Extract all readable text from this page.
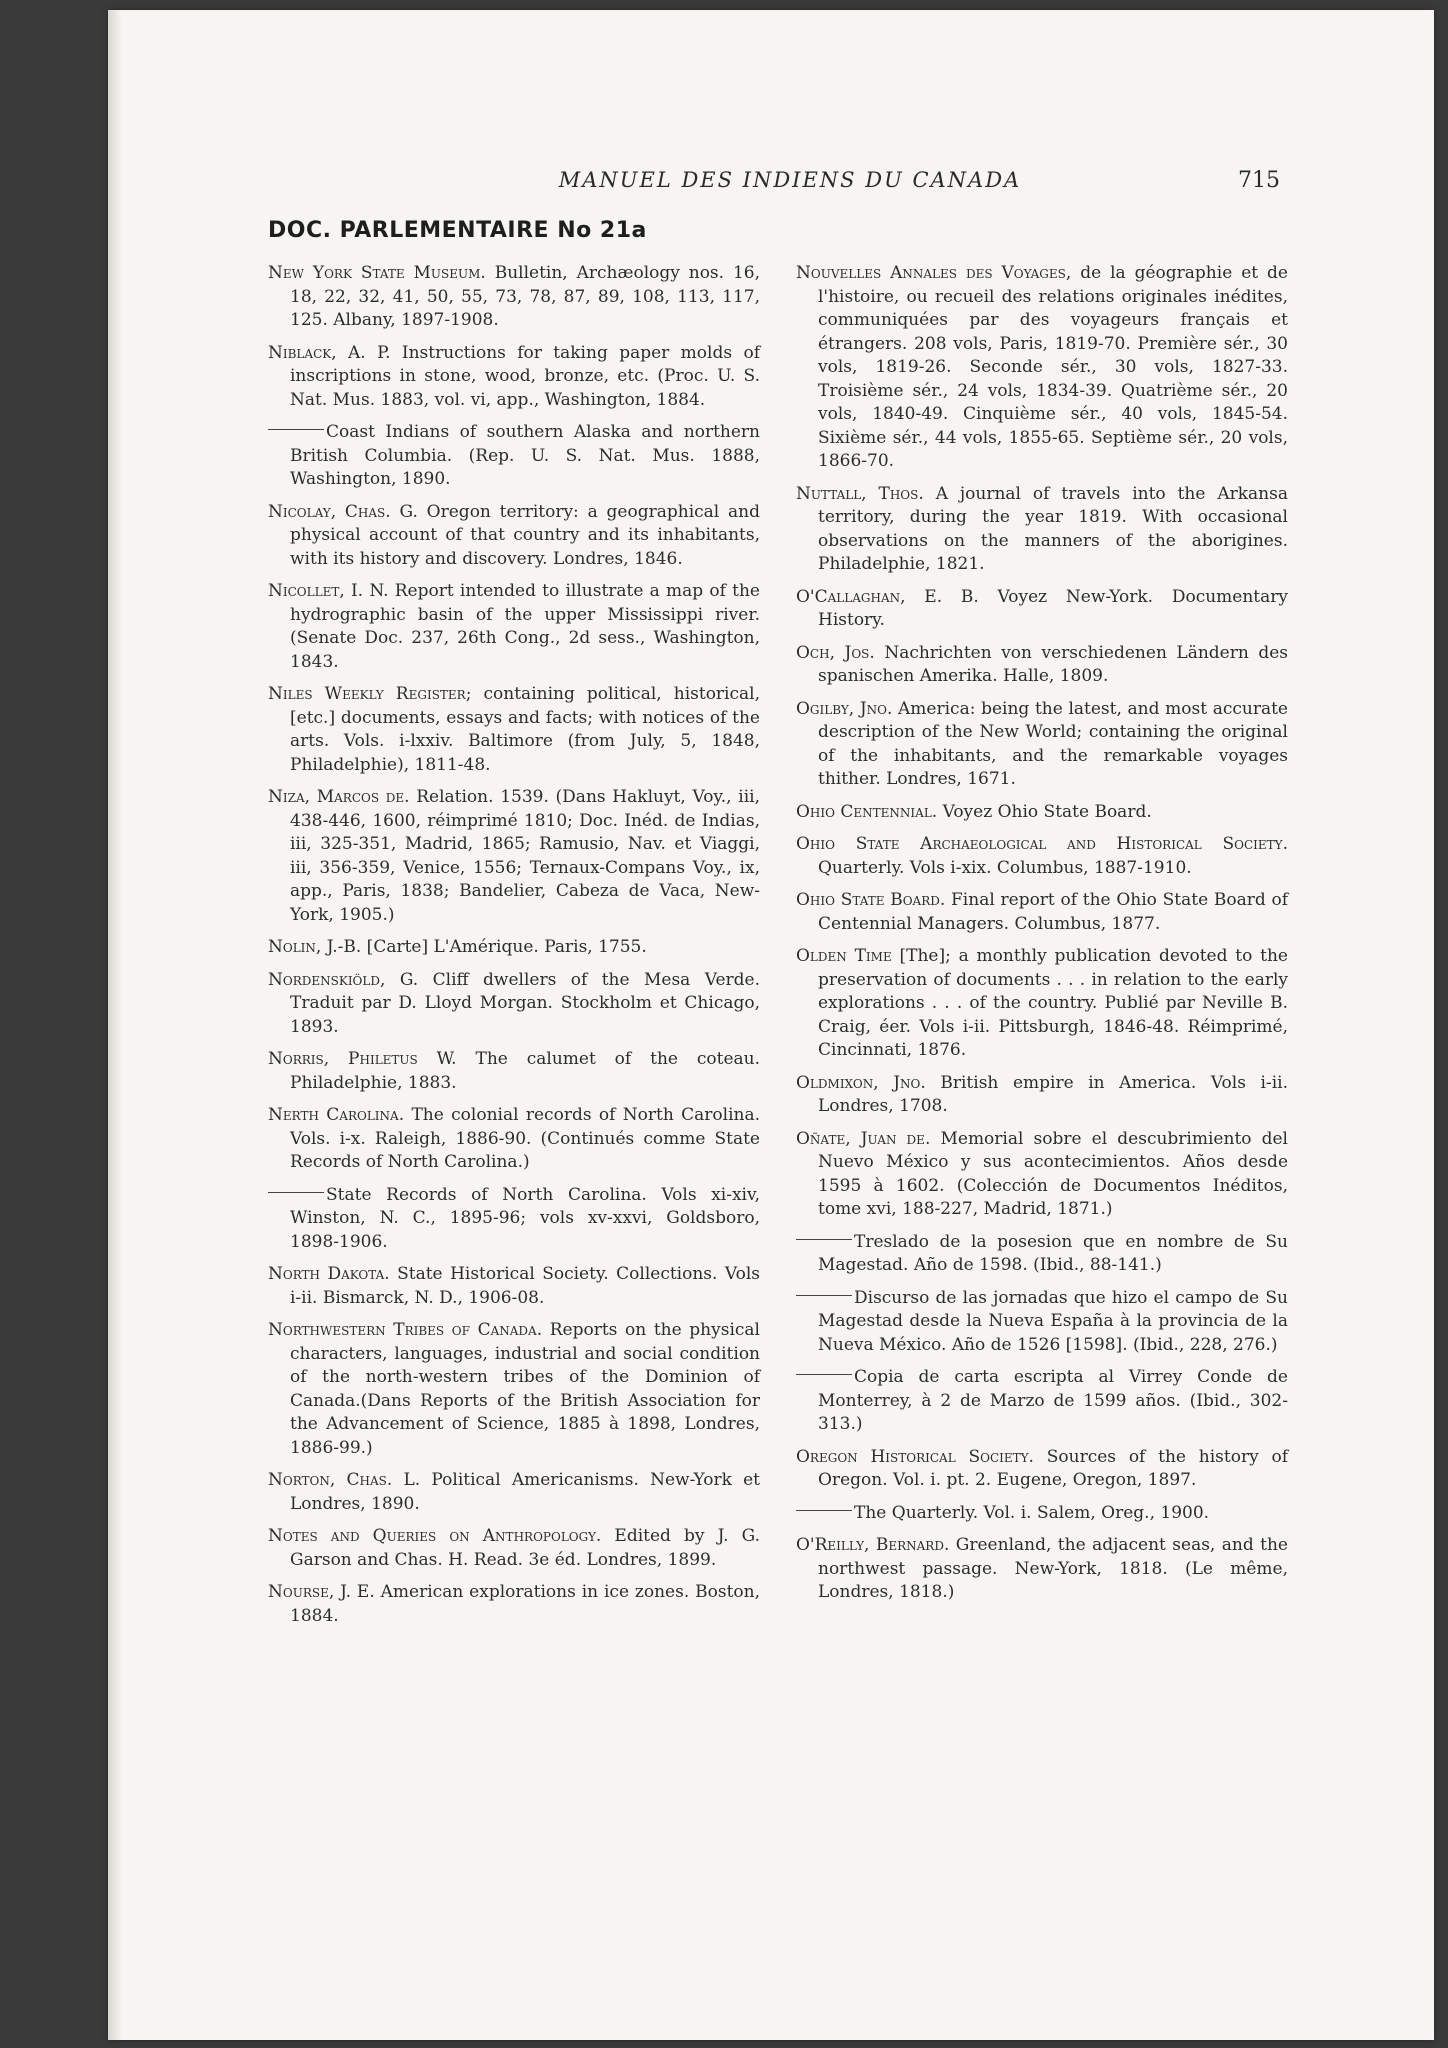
MANUEL DES INDIENS DU CANADA	715
DOC. PARLEMENTAIRE No 21a

New York State Museum. Bulletin, Archæology nos. 16, 18, 22, 32, 41, 50, 55, 73, 78, 87, 89, 108, 113, 117, 125. Albany, 1897-1908.

Niblack, A. P. Instructions for taking paper molds of inscriptions in stone, wood, bronze, etc. (Proc. U. S. Nat. Mus. 1883, vol. vi, app., Washington, 1884.

Coast Indians of southern Alaska and northern British Columbia. (Rep. U. S. Nat. Mus. 1888, Washington, 1890.

Nicolay, Chas. G. Oregon territory: a geographical and physical account of that country and its inhabitants, with its history and discovery. Londres, 1846.

Nicollet, I. N. Report intended to illustrate a map of the hydrographic basin of the upper Mississippi river. (Senate Doc. 237, 26th Cong., 2d sess., Washington, 1843.

Niles Weekly Register; containing political, historical, [etc.] documents, essays and facts; with notices of the arts. Vols. i-lxxiv. Baltimore (from July, 5, 1848, Philadelphie), 1811-48.

Niza, Marcos de. Relation. 1539. (Dans Hakluyt, Voy., iii, 438-446, 1600, réimprimé 1810; Doc. Inéd. de Indias, iii, 325-351, Madrid, 1865; Ramusio, Nav. et Viaggi, iii, 356-359, Venice, 1556; Ternaux-Compans Voy., ix, app., Paris, 1838; Bandelier, Cabeza de Vaca, New-York, 1905.)

Nolin, J.-B. [Carte] L'Amérique. Paris, 1755.

Nordenskiöld, G. Cliff dwellers of the Mesa Verde. Traduit par D. Lloyd Morgan. Stockholm et Chicago, 1893.

Norris, Philetus W. The calumet of the coteau. Philadelphie, 1883.

Nerth Carolina. The colonial records of North Carolina. Vols. i-x. Raleigh, 1886-90. (Continués comme State Records of North Carolina.)

State Records of North Carolina. Vols xi-xiv, Winston, N. C., 1895-96; vols xv-xxvi, Goldsboro, 1898-1906.

North Dakota. State Historical Society. Collections. Vols i-ii. Bismarck, N. D., 1906-08.

Northwestern Tribes of Canada. Reports on the physical characters, languages, industrial and social condition of the north-western tribes of the Dominion of Canada.(Dans Reports of the British Association for the Advancement of Science, 1885 à 1898, Londres, 1886-99.)

Norton, Chas. L. Political Americanisms. New-York et Londres, 1890.

Notes and Queries on Anthropology. Edited by J. G. Garson and Chas. H. Read. 3e éd. Londres, 1899.

Nourse, J. E. American explorations in ice zones. Boston, 1884.

Nouvelles Annales des Voyages, de la géographie et de l'histoire, ou recueil des relations originales inédites, communiquées par des voyageurs français et étrangers. 208 vols, Paris, 1819-70. Première sér., 30 vols, 1819-26. Seconde sér., 30 vols, 1827-33. Troisième sér., 24 vols, 1834-39. Quatrième sér., 20 vols, 1840-49. Cinquième sér., 40 vols, 1845-54. Sixième sér., 44 vols, 1855-65. Septième sér., 20 vols, 1866-70.

Nuttall, Thos. A journal of travels into the Arkansa territory, during the year 1819. With occasional observations on the manners of the aborigines. Philadelphie, 1821.

O'Callaghan, E. B. Voyez New-York. Documentary History.

Och, Jos. Nachrichten von verschiedenen Ländern des spanischen Amerika. Halle, 1809.

Ogilby, Jno. America: being the latest, and most accurate description of the New World; containing the original of the inhabitants, and the remarkable voyages thither. Londres, 1671.

Ohio Centennial. Voyez Ohio State Board.

Ohio State Archaeological and Historical Society. Quarterly. Vols i-xix. Columbus, 1887-1910.

Ohio State Board. Final report of the Ohio State Board of Centennial Managers. Columbus, 1877.

Olden Time [The]; a monthly publication devoted to the preservation of documents . . . in relation to the early explorations . . . of the country. Publié par Neville B. Craig, éer. Vols i-ii. Pittsburgh, 1846-48. Réimprimé, Cincinnati, 1876.

Oldmixon, Jno. British empire in America. Vols i-ii. Londres, 1708.

Oñate, Juan de. Memorial sobre el descubrimiento del Nuevo México y sus acontecimientos. Años desde 1595 à 1602. (Colección de Documentos Inéditos, tome xvi, 188-227, Madrid, 1871.)

Treslado de la posesion que en nombre de Su Magestad. Año de 1598. (Ibid., 88-141.)

Discurso de las jornadas que hizo el campo de Su Magestad desde la Nueva España à la provincia de la Nueva México. Año de 1526 [1598]. (Ibid., 228, 276.)

Copia de carta escripta al Virrey Conde de Monterrey, à 2 de Marzo de 1599 años. (Ibid., 302-313.)

Oregon Historical Society. Sources of the history of Oregon. Vol. i. pt. 2. Eugene, Oregon, 1897.

The Quarterly. Vol. i. Salem, Oreg., 1900.

O'Reilly, Bernard. Greenland, the adjacent seas, and the northwest passage. New-York, 1818. (Le même, Londres, 1818.)
